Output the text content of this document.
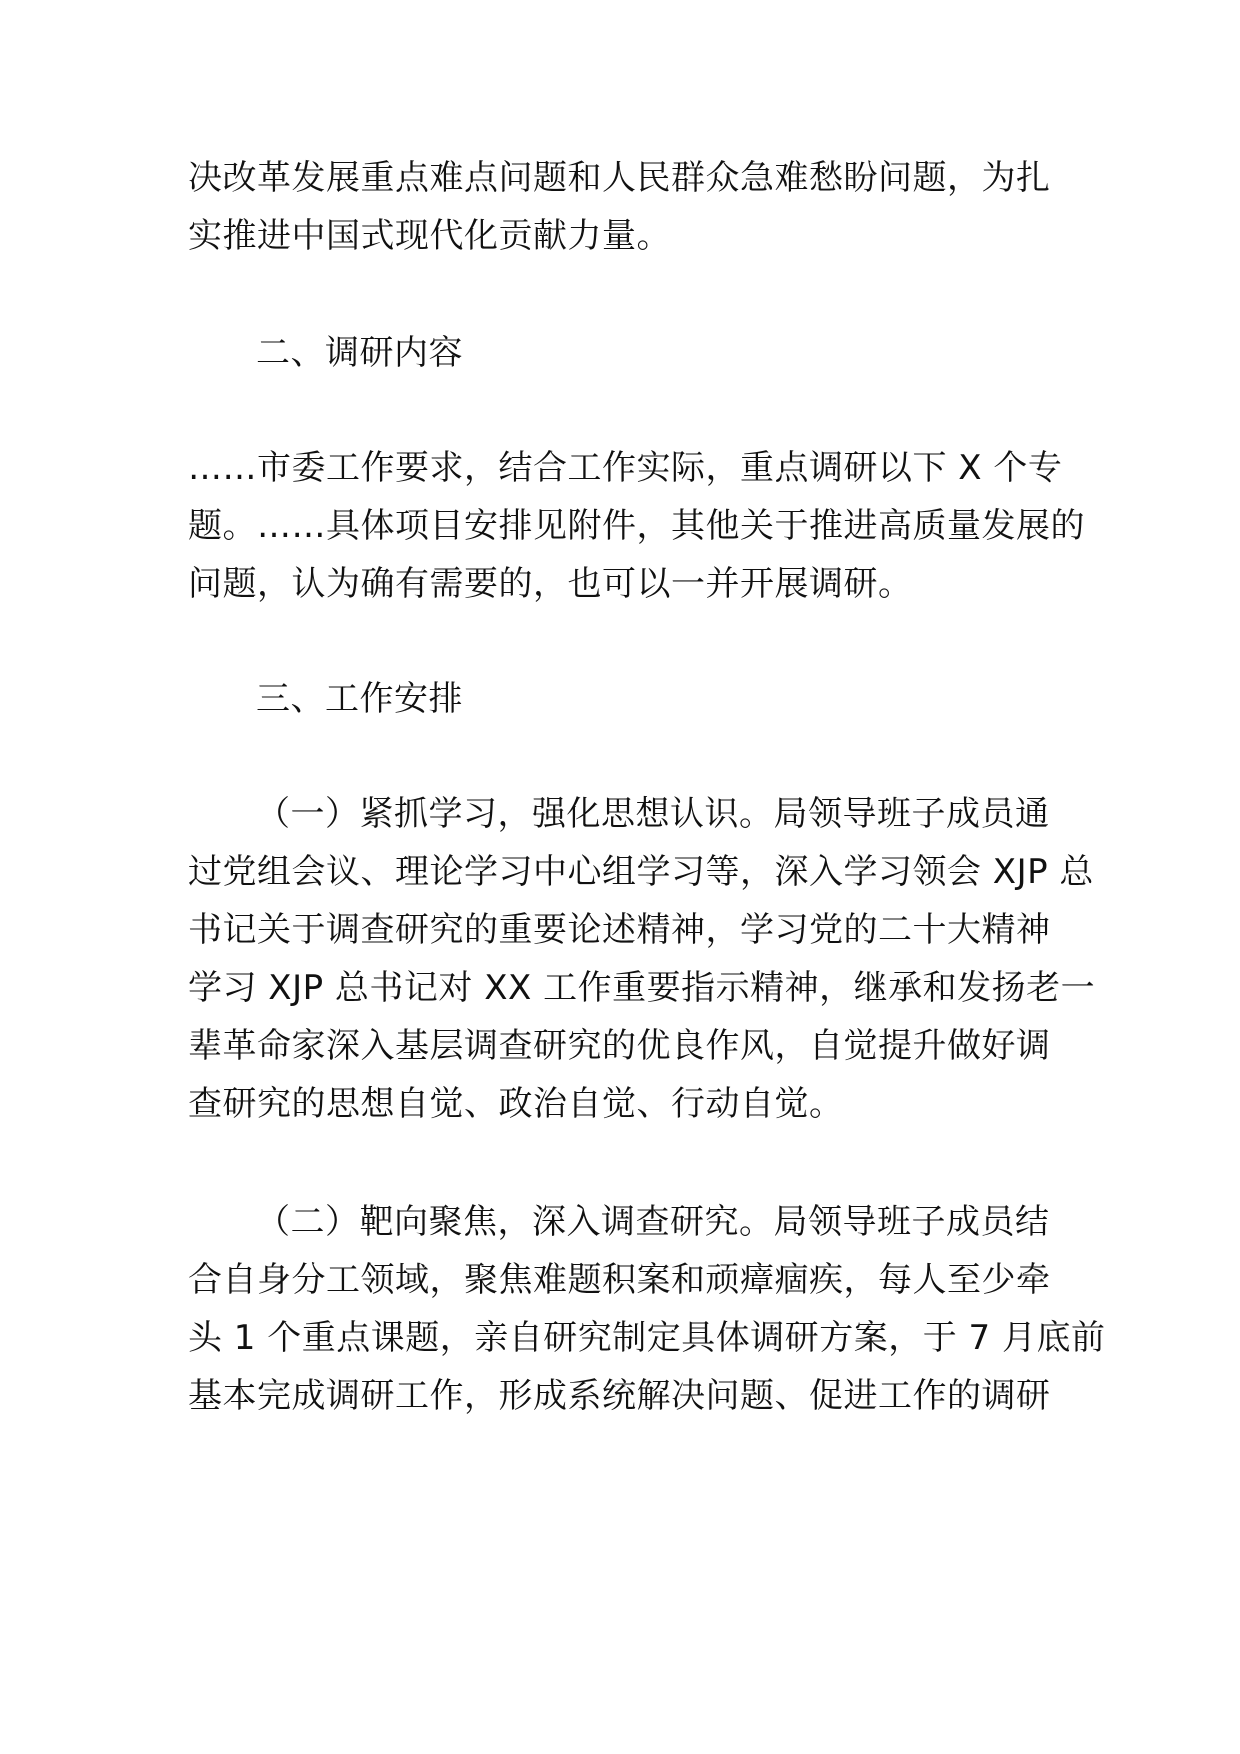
决改革发展重点难点问题和人民群众急难愁盼问题，为扎
实推进中国式现代化贡献力量。
二、调研内容
……市委工作要求，结合工作实际，重点调研以下 X 个专
题。……具体项目安排见附件，其他关于推进高质量发展的
问题，认为确有需要的，也可以一并开展调研。
三、工作安排
（一）紧抓学习，强化思想认识。局领导班子成员通
过党组会议、理论学习中心组学习等，深入学习领会 XJP 总
书记关于调查研究的重要论述精神，学习党的二十大精神
学习 XJP 总书记对 XX 工作重要指示精神，继承和发扬老一
辈革命家深入基层调查研究的优良作风，自觉提升做好调
查研究的思想自觉、政治自觉、行动自觉。
（二）靶向聚焦，深入调查研究。局领导班子成员结
合自身分工领域，聚焦难题积案和顽瘴痼疾，每人至少牵
头 1 个重点课题，亲自研究制定具体调研方案，于 7 月底前
基本完成调研工作，形成系统解决问题、促进工作的调研
